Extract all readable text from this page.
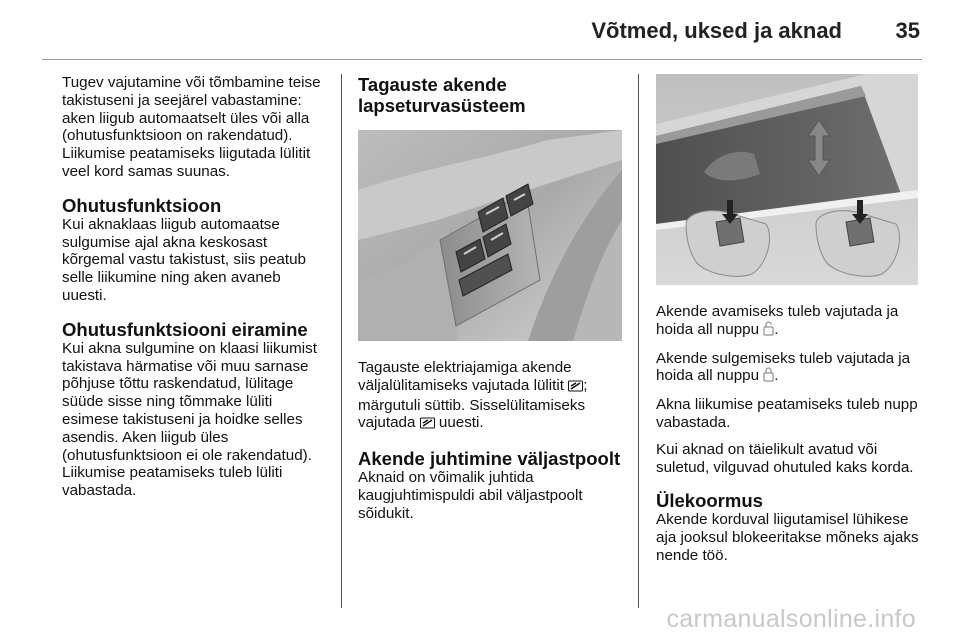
Võtmed, uksed ja aknad 35

Tugev vajutamine või tõmbamine teise takistuseni ja seejärel vabastamine: aken liigub automaatselt üles või alla (ohutusfunktsioon on rakendatud). Liikumise peatamiseks liigutada lülitit veel kord samas suunas.

Ohutusfunktsioon

Kui aknaklaas liigub automaatse sulgumise ajal akna keskosast kõrgemal vastu takistust, siis peatub selle liikumine ning aken avaneb uuesti.

Ohutusfunktsiooni eiramine

Kui akna sulgumine on klaasi liikumist takistava härmatise või muu sarnase põhjuse tõttu raskendatud, lülitage süüde sisse ning tõmmake lüliti esimese takistuseni ja hoidke selles asendis. Aken liigub üles (ohutusfunktsioon ei ole rakendatud). Liikumise peatamiseks tuleb lüliti vabastada.

Tagauste akende lapseturvasüsteem

Tagauste elektriajamiga akende väljalülitamiseks vajutada lülitit ; märgutuli süttib. Sisselülitamiseks vajutada  uuesti.

Akende juhtimine väljastpoolt

Aknaid on võimalik juhtida kaugjuhtimispuldi abil väljastpoolt sõidukit.

Akende avamiseks tuleb vajutada ja hoida all nuppu .

Akende sulgemiseks tuleb vajutada ja hoida all nuppu .

Akna liikumise peatamiseks tuleb nupp vabastada.

Kui aknad on täielikult avatud või suletud, vilguvad ohutuled kaks korda.

Ülekoormus

Akende korduval liigutamisel lühikese aja jooksul blokeeritakse mõneks ajaks nende töö.

carmanualsonline.info
